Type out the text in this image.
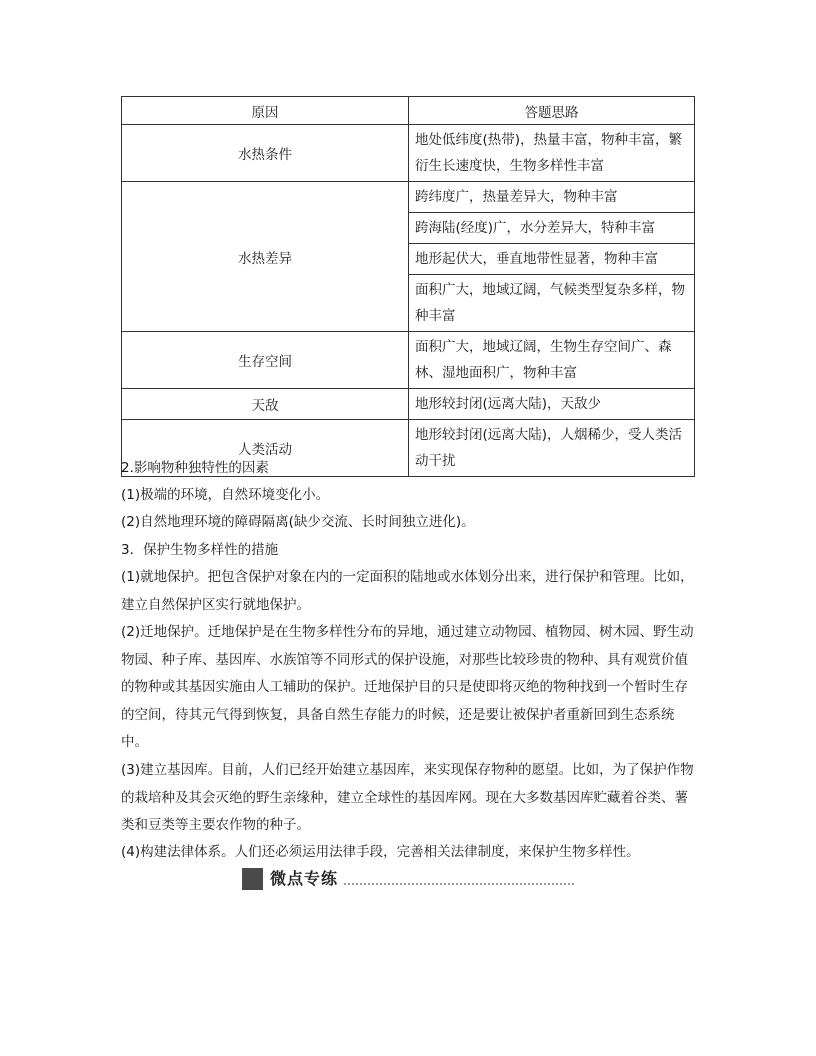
原因	答题思路
水热条件	地处低纬度(热带)，热量丰富，物种丰富，繁衍生长速度快，生物多样性丰富
水热差异	跨纬度广，热量差异大，物种丰富
	跨海陆(经度)广，水分差异大，特种丰富
	地形起伏大，垂直地带性显著，物种丰富
	面积广大，地域辽阔，气候类型复杂多样，物种丰富
生存空间	面积广大，地域辽阔，生物生存空间广、森林、湿地面积广，物种丰富
天敌	地形较封闭(远离大陆)，天敌少
人类活动	地形较封闭(远离大陆)，人烟稀少，受人类活动干扰

2.影响物种独特性的因素

(1)极端的环境，自然环境变化小。

(2)自然地理环境的障碍隔离(缺少交流、长时间独立进化)。

3．保护生物多样性的措施

(1)就地保护。把包含保护对象在内的一定面积的陆地或水体划分出来，进行保护和管理。比如，建立自然保护区实行就地保护。

(2)迁地保护。迁地保护是在生物多样性分布的异地，通过建立动物园、植物园、树木园、野生动物园、种子库、基因库、水族馆等不同形式的保护设施，对那些比较珍贵的物种、具有观赏价值的物种或其基因实施由人工辅助的保护。迁地保护目的只是使即将灭绝的物种找到一个暂时生存的空间，待其元气得到恢复，具备自然生存能力的时候，还是要让被保护者重新回到生态系统中。

(3)建立基因库。目前，人们已经开始建立基因库，来实现保存物种的愿望。比如，为了保护作物的栽培种及其会灭绝的野生亲缘种，建立全球性的基因库网。现在大多数基因库贮藏着谷类、薯类和豆类等主要农作物的种子。

(4)构建法律体系。人们还必须运用法律手段，完善相关法律制度，来保护生物多样性。

微点专练
